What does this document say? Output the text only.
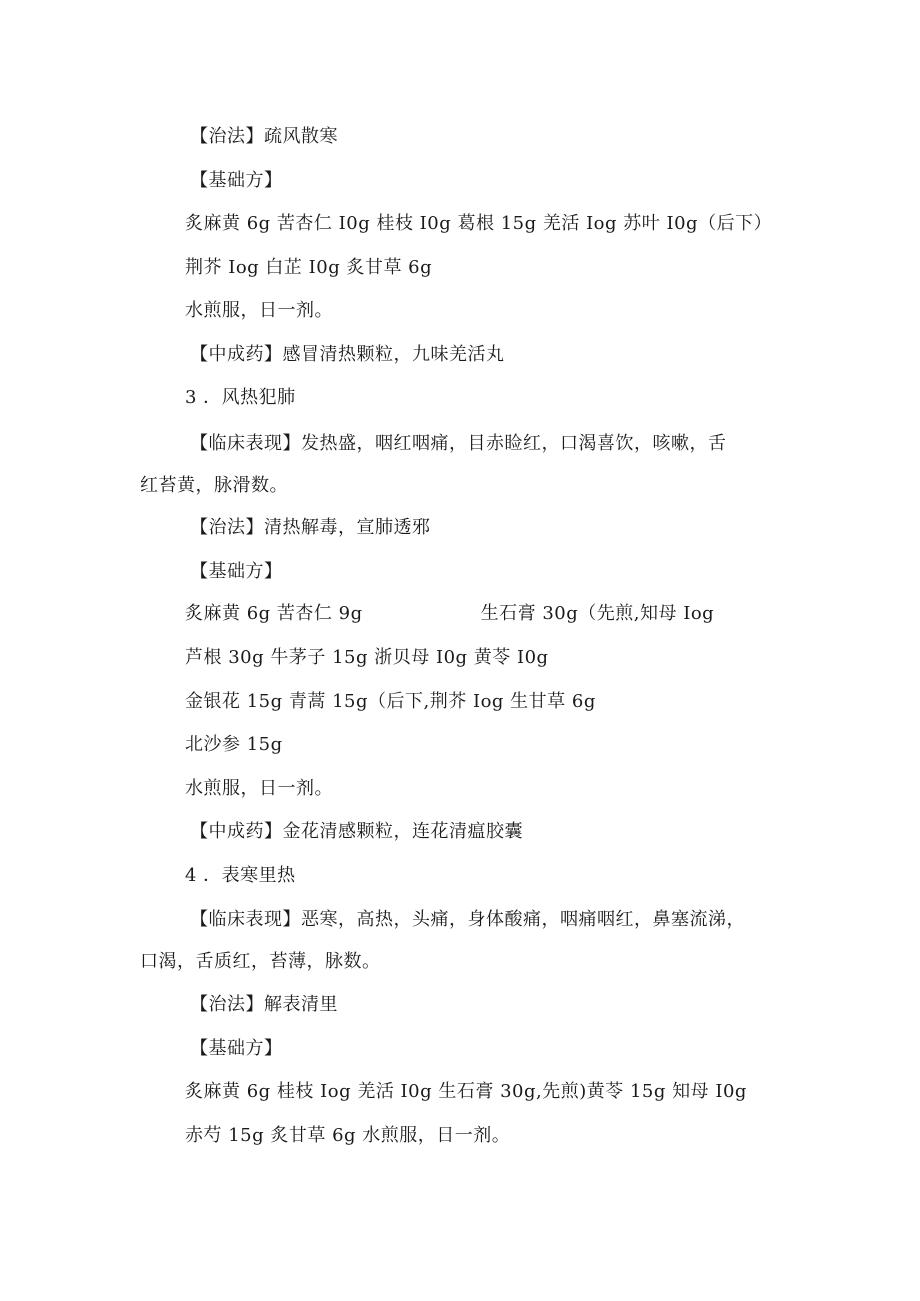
【治法】疏风散寒
【基础方】
炙麻黄 6g 苦杏仁 I0g 桂枝 I0g 葛根 15g 羌活 Iog 苏叶 I0g（后下）
荆芥 Iog 白芷 I0g 炙甘草 6g
水煎服，日一剂。
【中成药】感冒清热颗粒，九味羌活丸
3 ．风热犯肺
【临床表现】发热盛，咽红咽痛，目赤睑红，口渴喜饮，咳嗽，舌
红苔黄，脉滑数。
【治法】清热解毒，宣肺透邪
【基础方】
炙麻黄 6g 苦杏仁 9g	生石膏 30g（先煎,知母 Iog
芦根 30g 牛茅子 15g 浙贝母 I0g 黄苓 I0g
金银花 15g 青蒿 15g（后下,荆芥 Iog 生甘草 6g
北沙参 15g
水煎服，日一剂。
【中成药】金花清感颗粒，连花清瘟胶囊
4 ．表寒里热
【临床表现】恶寒，高热，头痛，身体酸痛，咽痛咽红，鼻塞流涕，
口渴，舌质红，苔薄，脉数。
【治法】解表清里
【基础方】
炙麻黄 6g 桂枝 Iog 羌活 I0g 生石膏 30g,先煎)黄苓 15g 知母 I0g
赤芍 15g 炙甘草 6g 水煎服，日一剂。
